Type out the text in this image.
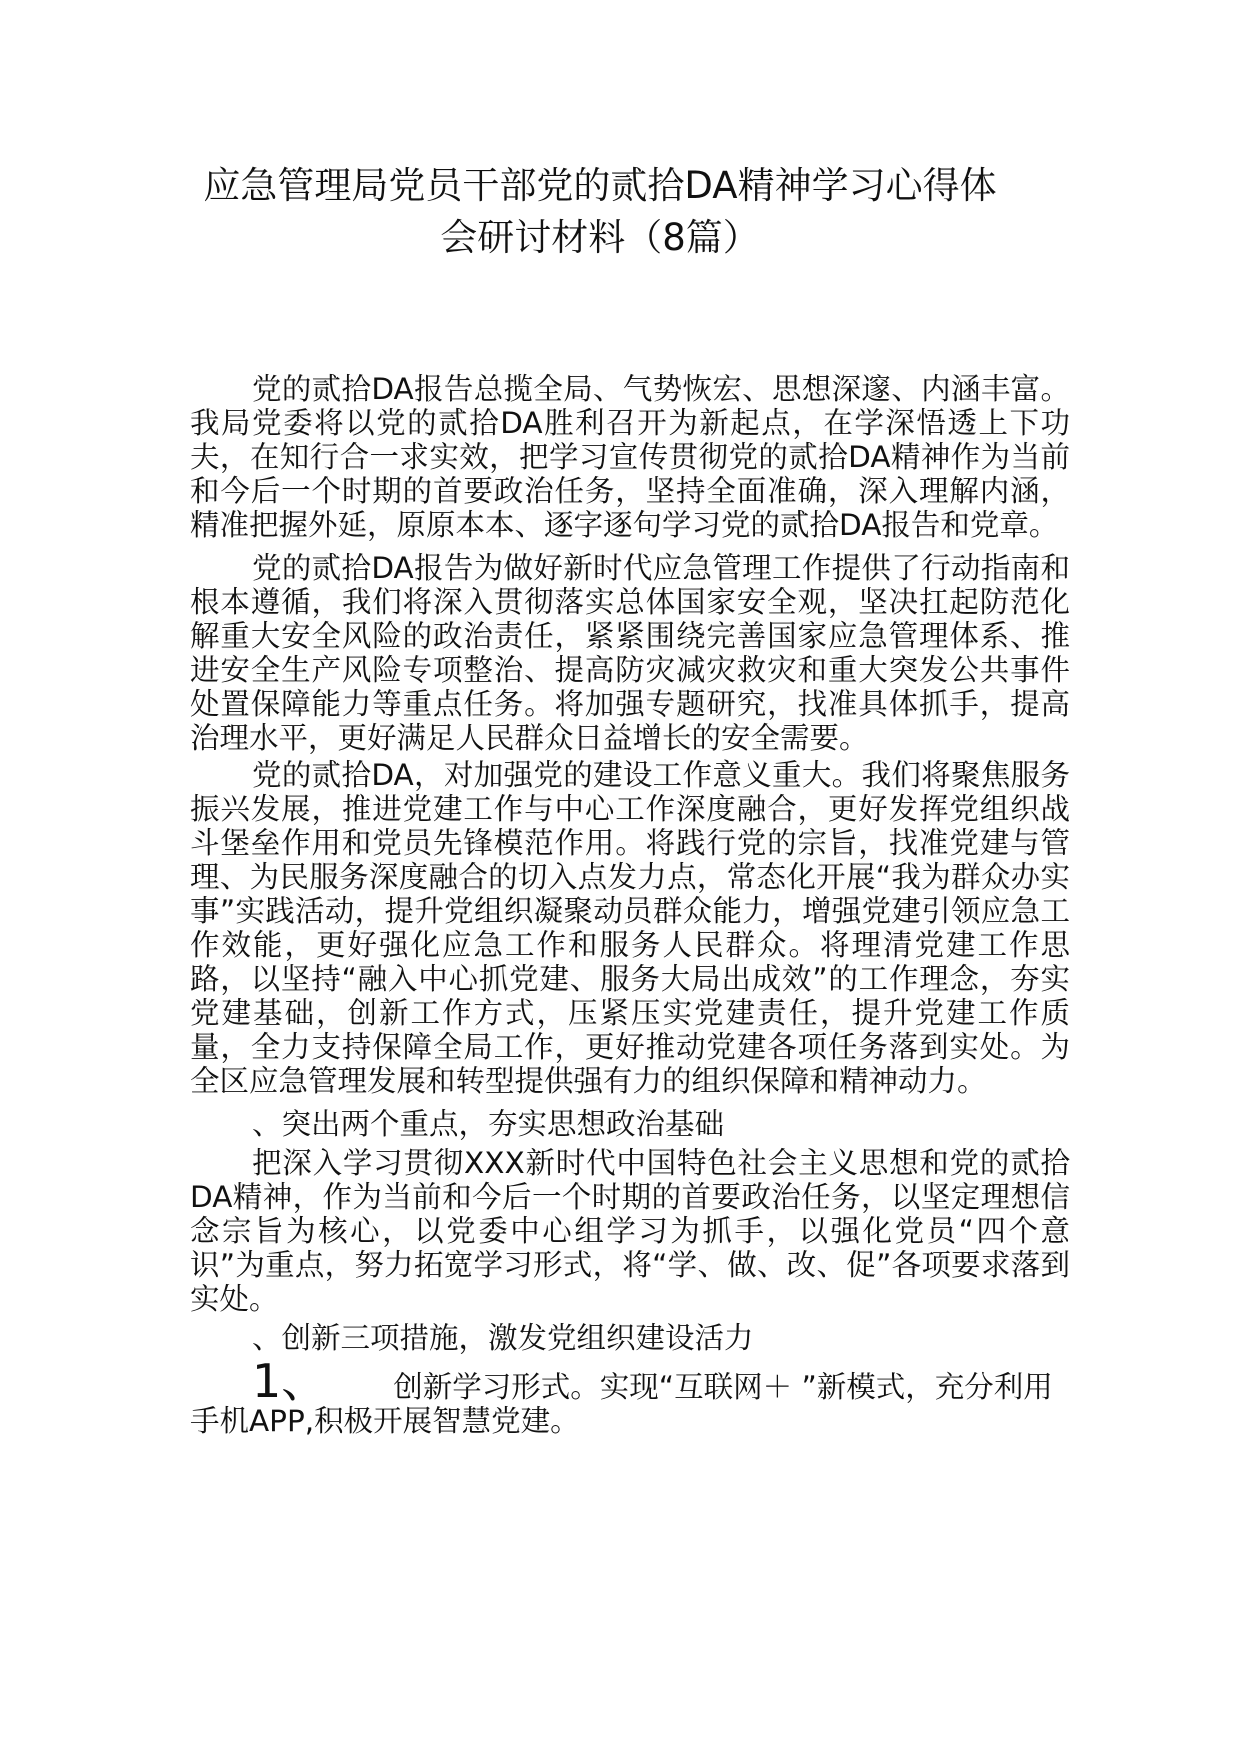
应急管理局党员干部党的贰拾DA精神学习心得体
会研讨材料（8篇）

党的贰拾DA报告总揽全局、气势恢宏、思想深邃、内涵丰富。我局党委将以党的贰拾DA胜利召开为新起点，在学深悟透上下功夫，在知行合一求实效，把学习宣传贯彻党的贰拾DA精神作为当前和今后一个时期的首要政治任务，坚持全面准确，深入理解内涵，精准把握外延，原原本本、逐字逐句学习党的贰拾DA报告和党章。

党的贰拾DA报告为做好新时代应急管理工作提供了行动指南和根本遵循，我们将深入贯彻落实总体国家安全观，坚决扛起防范化解重大安全风险的政治责任，紧紧围绕完善国家应急管理体系、推进安全生产风险专项整治、提高防灾减灾救灾和重大突发公共事件处置保障能力等重点任务。将加强专题研究，找准具体抓手，提高治理水平，更好满足人民群众日益增长的安全需要。

党的贰拾DA，对加强党的建设工作意义重大。我们将聚焦服务振兴发展，推进党建工作与中心工作深度融合，更好发挥党组织战斗堡垒作用和党员先锋模范作用。将践行党的宗旨，找准党建与管理、为民服务深度融合的切入点发力点，常态化开展“我为群众办实事”实践活动，提升党组织凝聚动员群众能力，增强党建引领应急工作效能，更好强化应急工作和服务人民群众。将理清党建工作思路，以坚持“融入中心抓党建、服务大局出成效”的工作理念，夯实党建基础，创新工作方式，压紧压实党建责任，提升党建工作质量，全力支持保障全局工作，更好推动党建各项任务落到实处。为全区应急管理发展和转型提供强有力的组织保障和精神动力。

、突出两个重点，夯实思想政治基础

把深入学习贯彻XXX新时代中国特色社会主义思想和党的贰拾DA精神，作为当前和今后一个时期的首要政治任务，以坚定理想信念宗旨为核心，以党委中心组学习为抓手，以强化党员“四个意识”为重点，努力拓宽学习形式，将“学、做、改、促”各项要求落到实处。

、创新三项措施，激发党组织建设活力

1、 创新学习形式。实现“互联网＋ ”新模式，充分利用手机APP,积极开展智慧党建。
